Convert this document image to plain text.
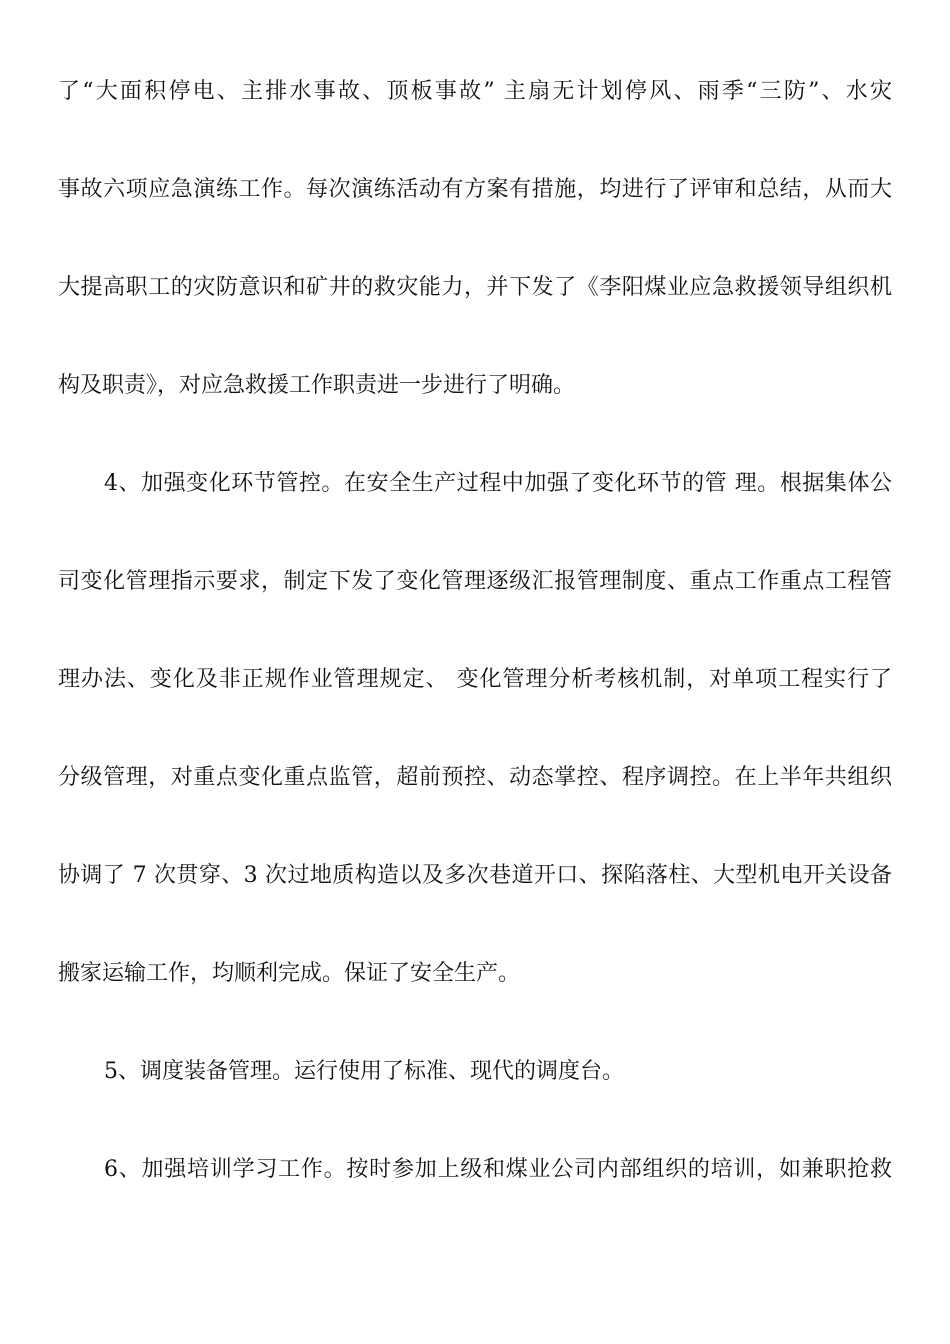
了“大面积停电、主排水事故、顶板事故” 主扇无计划停风、雨季“三防”、水灾
事故六项应急演练工作。每次演练活动有方案有措施，均进行了评审和总结，从而大
大提高职工的灾防意识和矿井的救灾能力，并下发了《李阳煤业应急救援领导组织机
构及职责》，对应急救援工作职责进一步进行了明确。
4、加强变化环节管控。在安全生产过程中加强了变化环节的管 理。根据集体公
司变化管理指示要求，制定下发了变化管理逐级汇报管理制度、重点工作重点工程管
理办法、变化及非正规作业管理规定、 变化管理分析考核机制，对单项工程实行了
分级管理，对重点变化重点监管，超前预控、动态掌控、程序调控。在上半年共组织
协调了 7 次贯穿、3 次过地质构造以及多次巷道开口、探陷落柱、大型机电开关设备
搬家运输工作，均顺利完成。保证了安全生产。
5、调度装备管理。运行使用了标准、现代的调度台。
6、加强培训学习工作。按时参加上级和煤业公司内部组织的培训，如兼职抢救
